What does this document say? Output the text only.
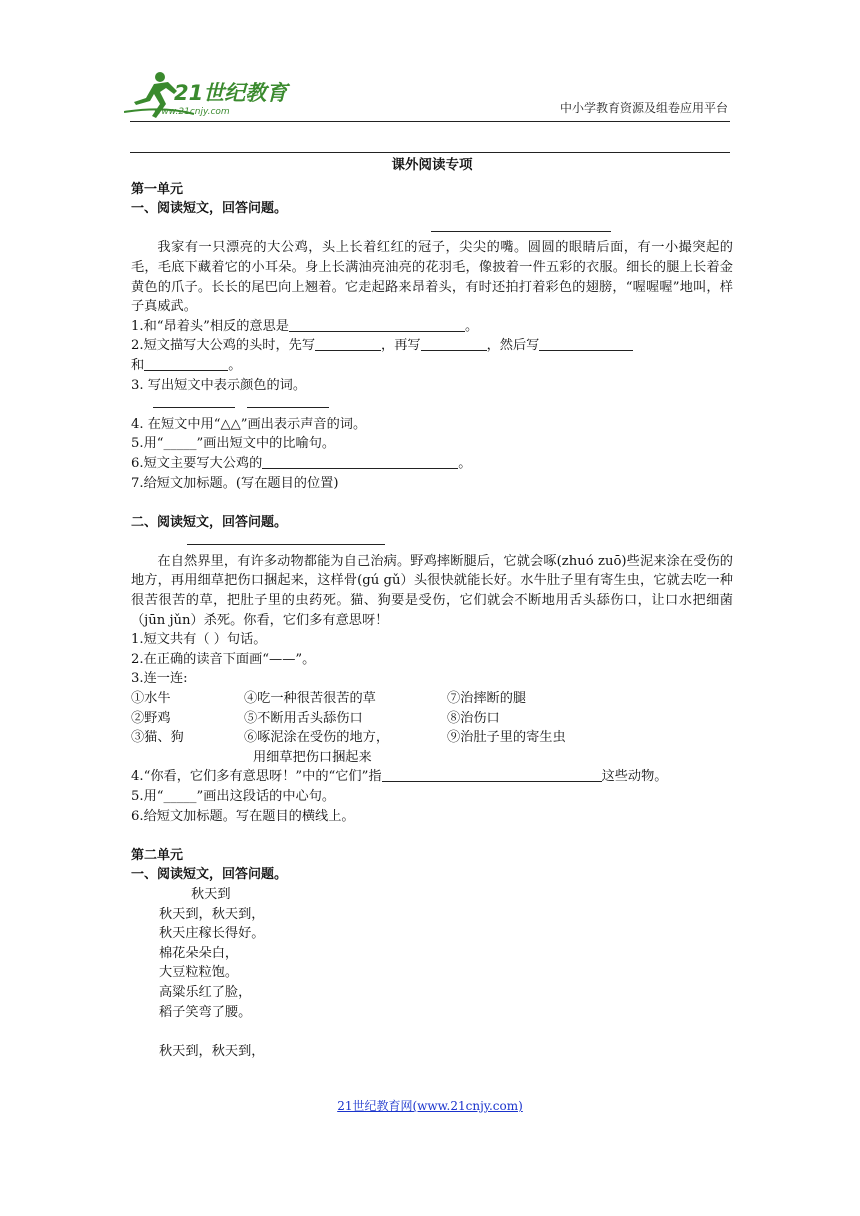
21世纪教育
www.21cnjy.com	中小学教育资源及组卷应用平台

课外阅读专项

第一单元

一、阅读短文，回答问题。

我家有一只漂亮的大公鸡，头上长着红红的冠子，尖尖的嘴。圆圆的眼睛后面，有一小撮突起的毛，毛底下藏着它的小耳朵。身上长满油亮油亮的花羽毛，像披着一件五彩的衣服。细长的腿上长着金黄色的爪子。长长的尾巴向上翘着。它走起路来昂着头，有时还拍打着彩色的翅膀，“喔喔喔”地叫，样子真威武。

1.和“昂着头”相反的意思是	。

2.短文描写大公鸡的头时，先写	，再写	，然后写

和	。

3. 写出短文中表示颜色的词。

4. 在短文中用“△△”画出表示声音的词。

5.用“_____”画出短文中的比喻句。

6.短文主要写大公鸡的	。

7.给短文加标题。(写在题目的位置)

二、阅读短文，回答问题。

在自然界里，有许多动物都能为自己治病。野鸡摔断腿后，它就会啄(zhuó zuō)些泥来涂在受伤的地方，再用细草把伤口捆起来，这样骨(gú gǔ）头很快就能长好。水牛肚子里有寄生虫，它就去吃一种很苦很苦的草，把肚子里的虫药死。猫、狗要是受伤，它们就会不断地用舌头舔伤口，让口水把细菌（jūn jǔn）杀死。你看，它们多有意思呀！

1.短文共有（ ）句话。

2.在正确的读音下面画“——”。

3.连一连:

①水牛	④吃一种很苦很苦的草	⑦治摔断的腿
②野鸡	⑤不断用舌头舔伤口	⑧治伤口
③猫、狗	⑥啄泥涂在受伤的地方，	⑨治肚子里的寄生虫

用细草把伤口捆起来

4.“你看，它们多有意思呀！”中的“它们”指	这些动物。

5.用“_____”画出这段话的中心句。

6.给短文加标题。写在题目的横线上。

第二单元

一、阅读短文，回答问题。

秋天到

秋天到，秋天到，

秋天庄稼长得好。

棉花朵朵白，

大豆粒粒饱。

高粱乐红了脸，

稻子笑弯了腰。

秋天到，秋天到，

21世纪教育网(www.21cnjy.com)
